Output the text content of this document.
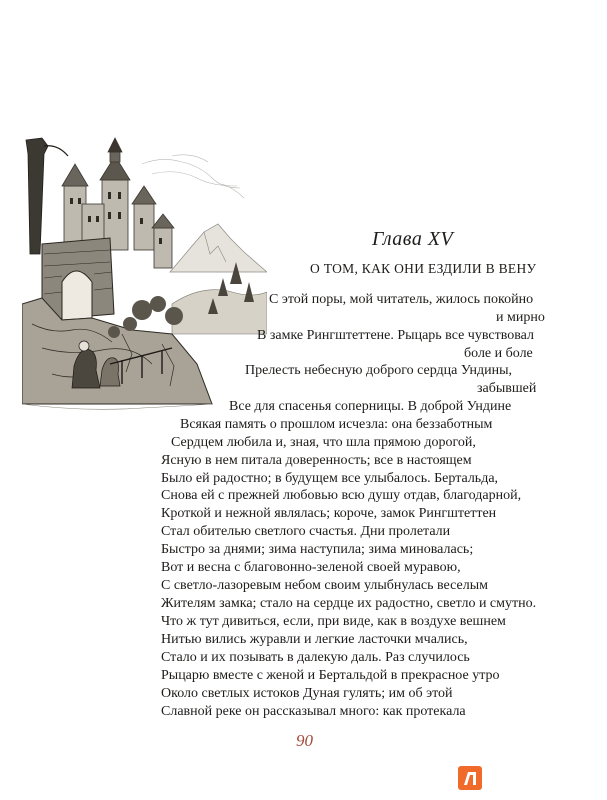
Глава XV
О ТОМ, КАК ОНИ ЕЗДИЛИ В ВЕНУ
С этой поры, мой читатель, жилось покойно
и мирно
В замке Рингштеттене. Рыцарь все чувствовал
боле и боле
Прелесть небесную доброго сердца Ундины,
забывшей
Все для спасенья соперницы. В доброй Ундине
Всякая память о прошлом исчезла: она беззаботным
Сердцем любила и, зная, что шла прямою дорогой,
Ясную в нем питала доверенность; все в настоящем
Было ей радостно; в будущем все улыбалось. Бертальда,
Снова ей с прежней любовью всю душу отдав, благодарной,
Кроткой и нежной являлась; короче, замок Рингштеттен
Стал обителью светлого счастья. Дни пролетали
Быстро за днями; зима наступила; зима миновалась;
Вот и весна с благовонно-зеленой своей муравою,
С светло-лазоревым небом своим улыбнулась веселым
Жителям замка; стало на сердце их радостно, светло и смутно.
Что ж тут дивиться, если, при виде, как в воздухе вешнем
Нитью вились журавли и легкие ласточки мчались,
Стало и их позывать в далекую даль. Раз случилось
Рыцарю вместе с женой и Бертальдой в прекрасное утро
Около светлых истоков Дуная гулять; им об этой
Славной реке он рассказывал много: как протекала
90
